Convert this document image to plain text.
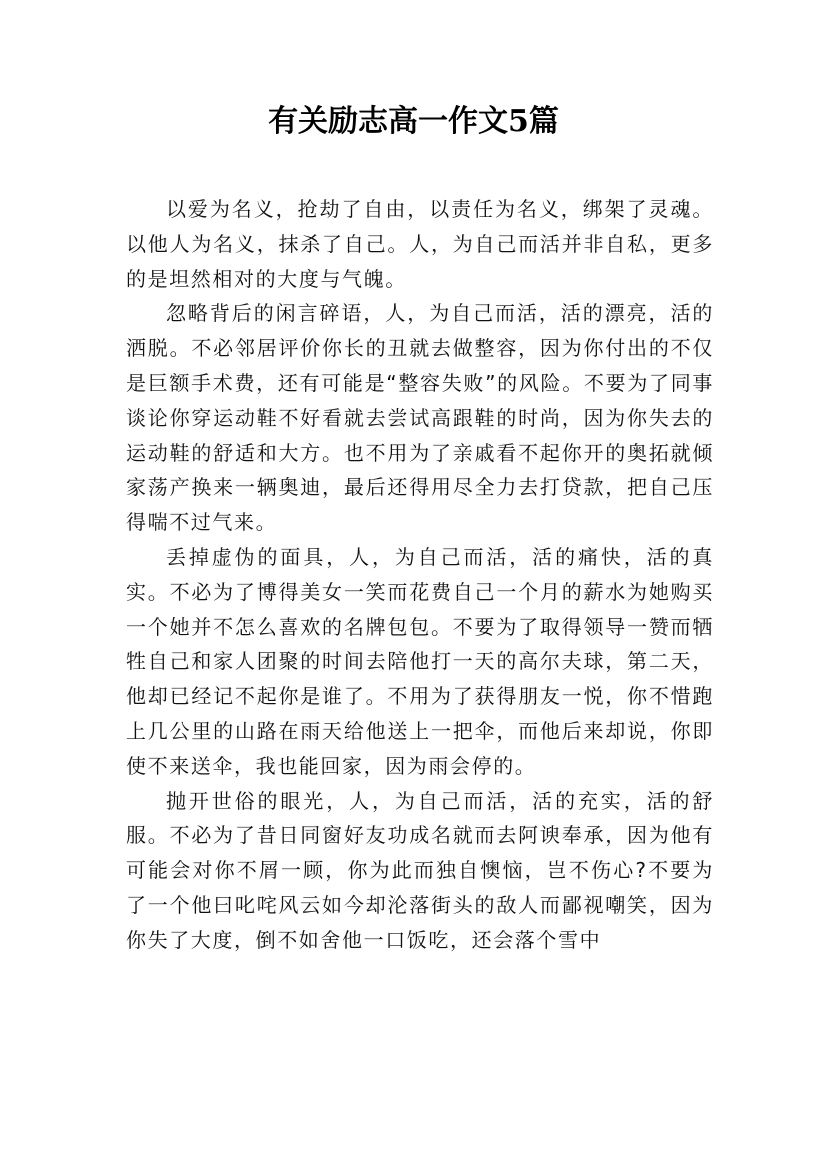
有关励志高一作文5篇

以爱为名义，抢劫了自由，以责任为名义，绑架了灵魂。以他人为名义，抹杀了自己。人，为自己而活并非自私，更多的是坦然相对的大度与气魄。

忽略背后的闲言碎语，人，为自己而活，活的漂亮，活的洒脱。不必邻居评价你长的丑就去做整容，因为你付出的不仅是巨额手术费，还有可能是“整容失败”的风险。不要为了同事谈论你穿运动鞋不好看就去尝试高跟鞋的时尚，因为你失去的运动鞋的舒适和大方。也不用为了亲戚看不起你开的奥拓就倾家荡产换来一辆奥迪，最后还得用尽全力去打贷款，把自己压得喘不过气来。

丢掉虚伪的面具，人，为自己而活，活的痛快，活的真实。不必为了博得美女一笑而花费自己一个月的薪水为她购买一个她并不怎么喜欢的名牌包包。不要为了取得领导一赞而牺牲自己和家人团聚的时间去陪他打一天的高尔夫球，第二天，他却已经记不起你是谁了。不用为了获得朋友一悦，你不惜跑上几公里的山路在雨天给他送上一把伞，而他后来却说，你即使不来送伞，我也能回家，因为雨会停的。

抛开世俗的眼光，人，为自己而活，活的充实，活的舒服。不必为了昔日同窗好友功成名就而去阿谀奉承，因为他有可能会对你不屑一顾，你为此而独自懊恼，岂不伤心?不要为了一个他曰叱咤风云如今却沦落街头的敌人而鄙视嘲笑，因为你失了大度，倒不如舍他一口饭吃，还会落个雪中
